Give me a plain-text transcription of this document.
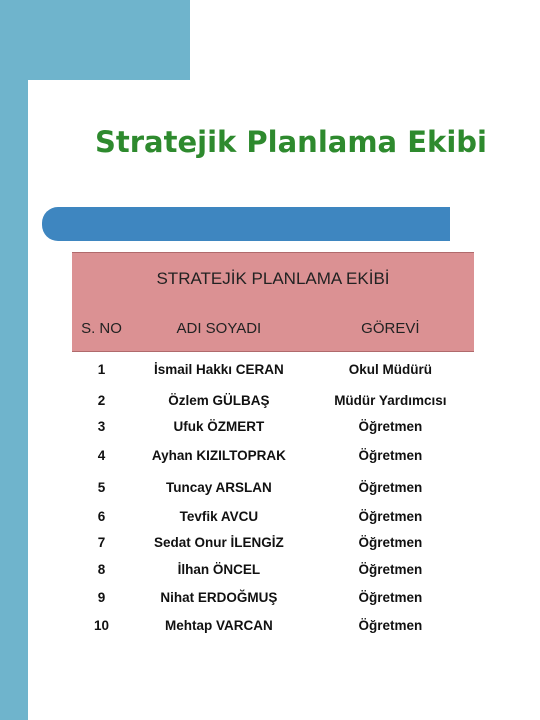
Stratejik Planlama Ekibi
STRATEJİK PLANLAMA EKİBİ		
S. NO	ADI SOYADI	GÖREVİ
1	İsmail Hakkı CERAN	Okul Müdürü
2	Özlem GÜLBAŞ	Müdür Yardımcısı
3	Ufuk ÖZMERT	Öğretmen
4	Ayhan KIZILTOPRAK	Öğretmen
5	Tuncay ARSLAN	Öğretmen
6	Tevfik AVCU	Öğretmen
7	Sedat Onur İLENGİZ	Öğretmen
8	İlhan ÖNCEL	Öğretmen
9	Nihat ERDOĞMUŞ	Öğretmen
10	Mehtap VARCAN	Öğretmen
